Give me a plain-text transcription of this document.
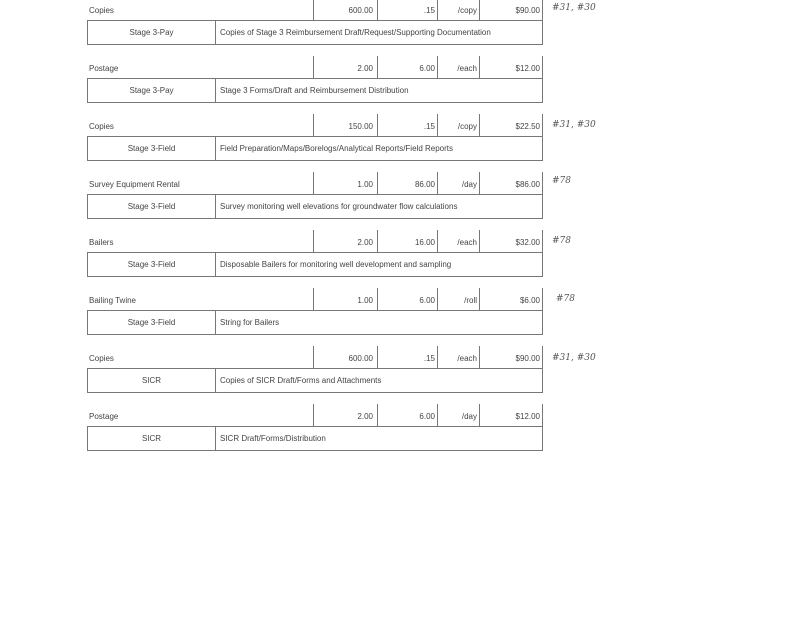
Copies	600.00	.15	/copy	$90.00
Stage 3-Pay	Copies of Stage 3 Reimbursement Draft/Request/Supporting Documentation
#31, #30
Postage	2.00	6.00	/each	$12.00
Stage 3-Pay	Stage 3 Forms/Draft and Reimbursement Distribution
Copies	150.00	.15	/copy	$22.50
Stage 3-Field	Field Preparation/Maps/Borelogs/Analytical Reports/Field Reports
#31, #30
Survey Equipment Rental	1.00	86.00	/day	$86.00
Stage 3-Field	Survey monitoring well elevations for groundwater flow calculations
#78
Bailers	2.00	16.00	/each	$32.00
Stage 3-Field	Disposable Bailers for monitoring well development and sampling
#78
Bailing Twine	1.00	6.00	/roll	$6.00
Stage 3-Field	String for Bailers
#78
Copies	600.00	.15	/each	$90.00
SICR	Copies of SICR Draft/Forms and Attachments
#31, #30
Postage	2.00	6.00	/day	$12.00
SICR	SICR Draft/Forms/Distribution
